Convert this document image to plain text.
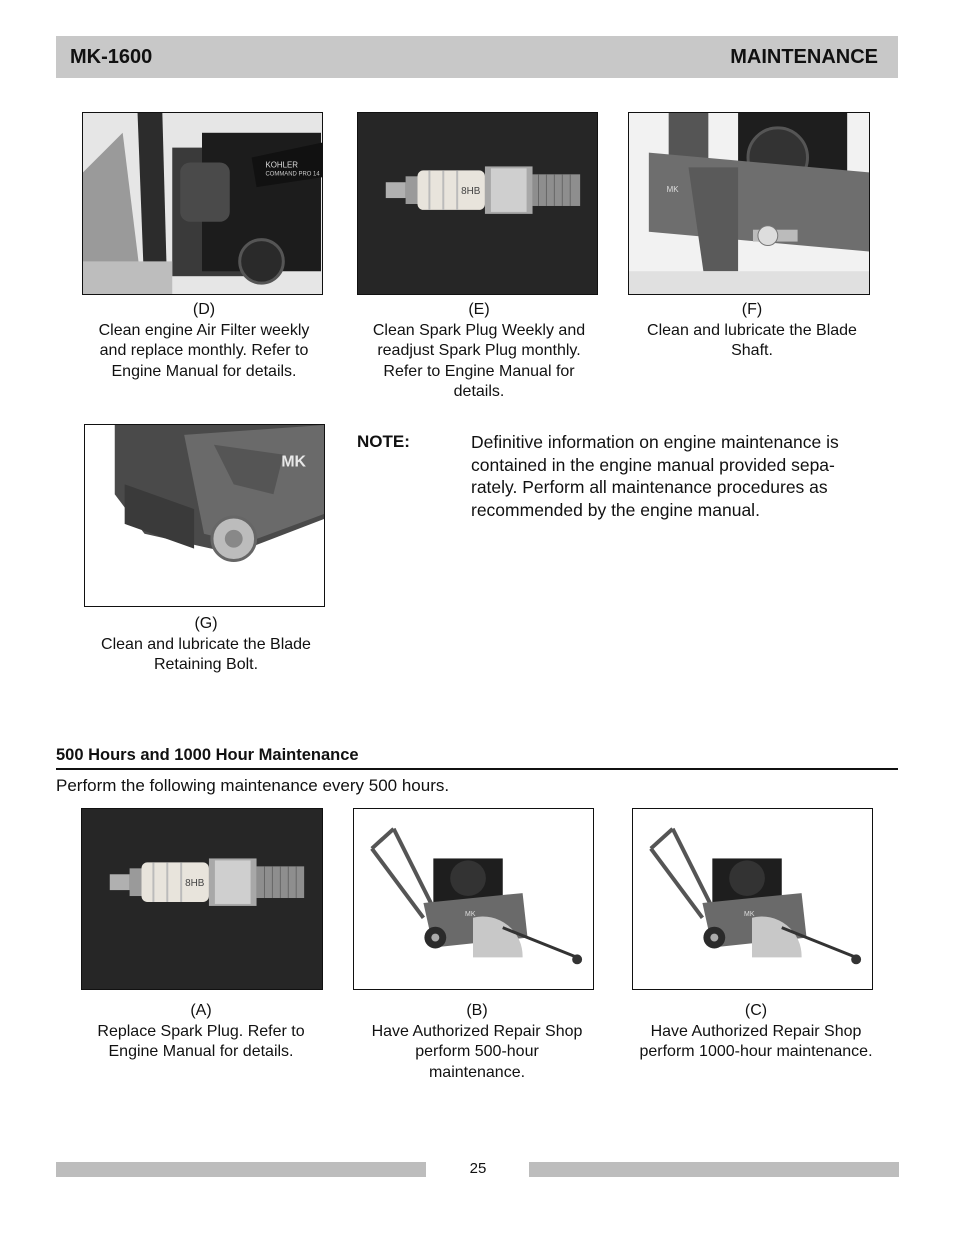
MK-1600	MAINTENANCE
KOHLER
COMMAND PRO 14
(D)
Clean engine Air Filter weekly
and replace monthly. Refer to
Engine Manual for details.
8HB
(E)
Clean Spark Plug Weekly and
readjust Spark Plug monthly.
Refer to Engine Manual for
details.
MK
(F)
Clean and lubricate the Blade
Shaft.
MK
(G)
Clean and lubricate the Blade
Retaining Bolt.
NOTE:	Definitive information on engine maintenance is
contained in the engine manual provided sepa-
rately. Perform all maintenance procedures as
recommended by the engine manual.
500 Hours and 1000 Hour Maintenance
Perform the following maintenance every 500 hours.
8HB
(A)
Replace Spark Plug. Refer to
Engine Manual for details.
MK
(B)
Have Authorized Repair Shop
perform 500-hour
maintenance.
MK
(C)
Have Authorized Repair Shop
perform 1000-hour maintenance.
25
